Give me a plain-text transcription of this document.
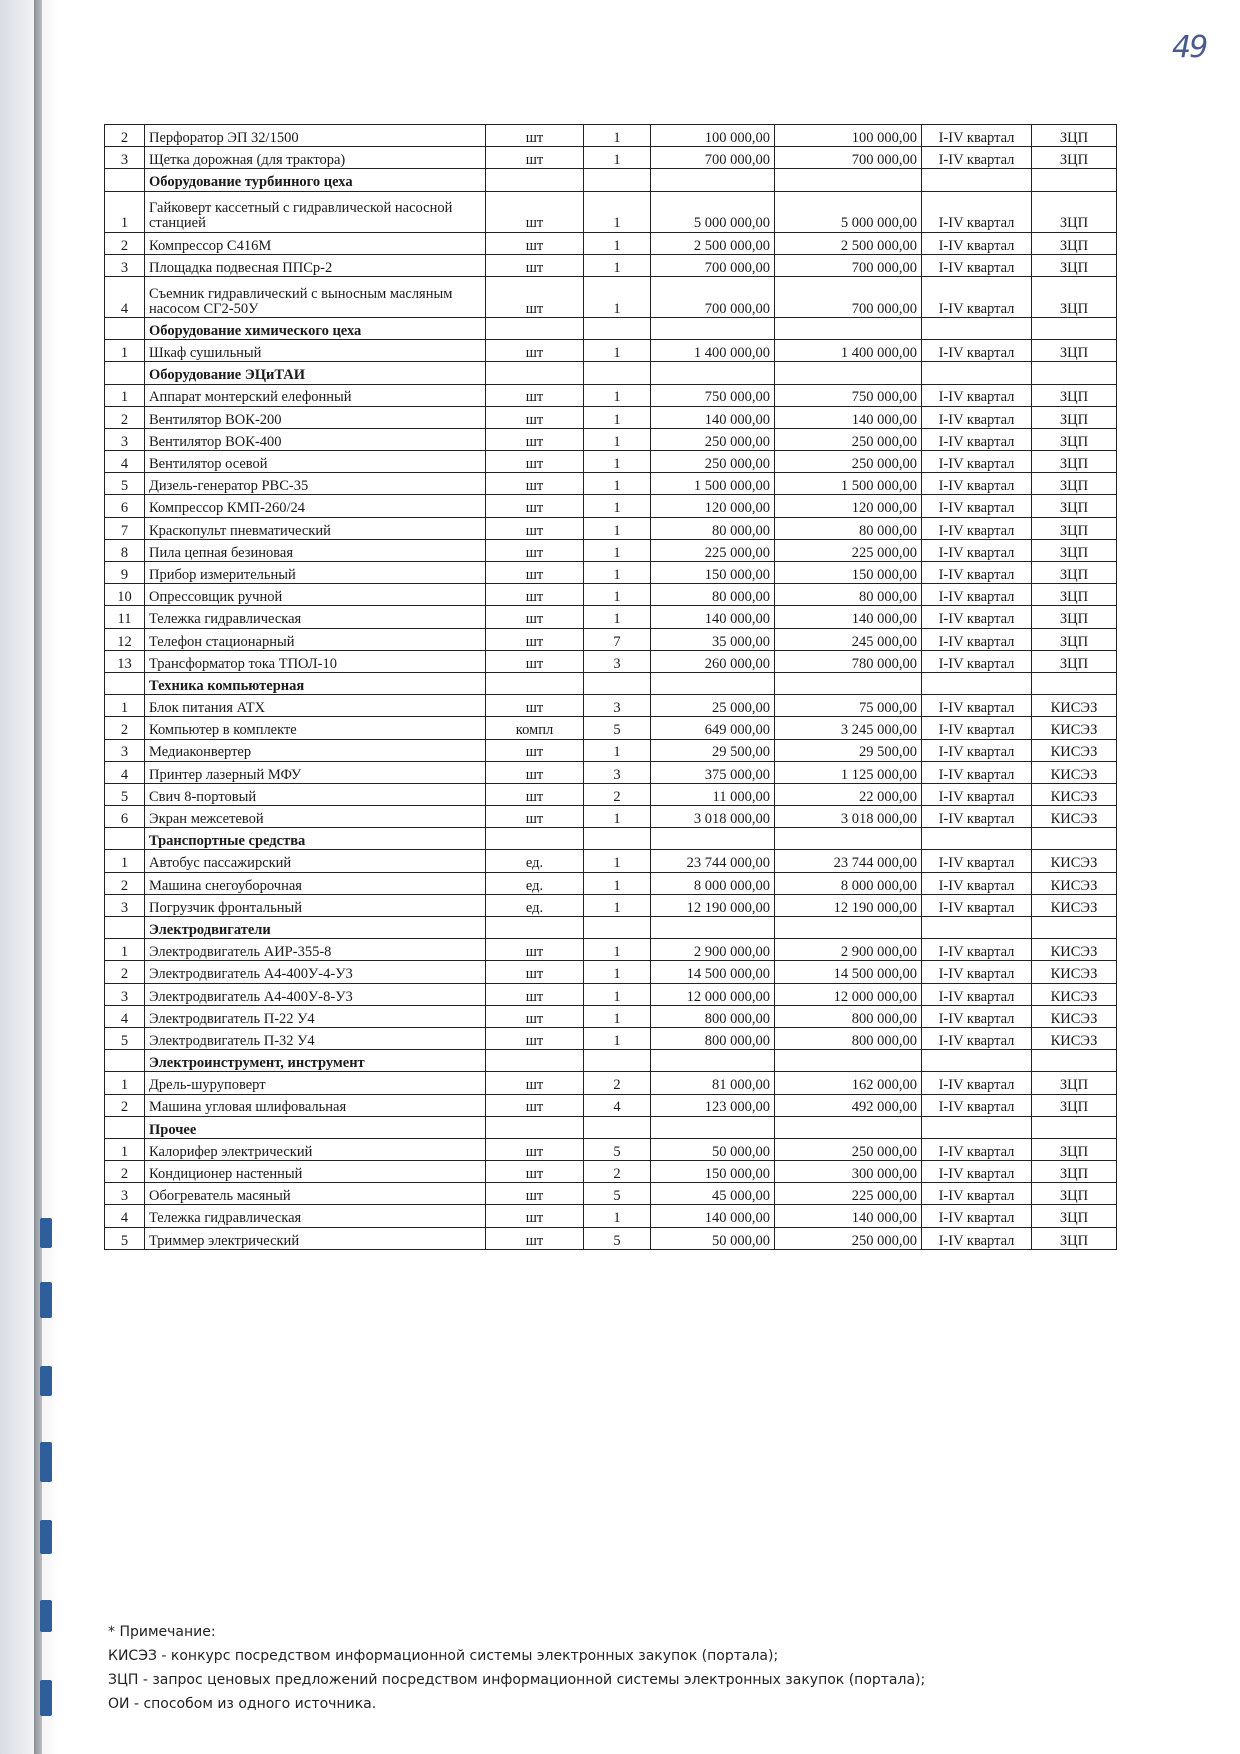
49
2	Перфоратор ЭП 32/1500	шт	1	100 000,00	100 000,00	I-IV квартал	ЗЦП
3	Щетка дорожная (для трактора)	шт	1	700 000,00	700 000,00	I-IV квартал	ЗЦП
	Оборудование турбинного цеха						
1	Гайковерт кассетный с гидравлической насосной станцией	шт	1	5 000 000,00	5 000 000,00	I-IV квартал	ЗЦП
2	Компрессор С416М	шт	1	2 500 000,00	2 500 000,00	I-IV квартал	ЗЦП
3	Площадка подвесная ППСр-2	шт	1	700 000,00	700 000,00	I-IV квартал	ЗЦП
4	Съемник гидравлический с выносным масляным насосом СГ2-50У	шт	1	700 000,00	700 000,00	I-IV квартал	ЗЦП
	Оборудование химического цеха						
1	Шкаф сушильный	шт	1	1 400 000,00	1 400 000,00	I-IV квартал	ЗЦП
	Оборудование ЭЦиТАИ						
1	Аппарат монтерский елефонный	шт	1	750 000,00	750 000,00	I-IV квартал	ЗЦП
2	Вентилятор ВОК-200	шт	1	140 000,00	140 000,00	I-IV квартал	ЗЦП
3	Вентилятор ВОК-400	шт	1	250 000,00	250 000,00	I-IV квартал	ЗЦП
4	Вентилятор осевой	шт	1	250 000,00	250 000,00	I-IV квартал	ЗЦП
5	Дизель-генератор PBC-35	шт	1	1 500 000,00	1 500 000,00	I-IV квартал	ЗЦП
6	Компрессор КМП-260/24	шт	1	120 000,00	120 000,00	I-IV квартал	ЗЦП
7	Краскопульт пневматический	шт	1	80 000,00	80 000,00	I-IV квартал	ЗЦП
8	Пила цепная безиновая	шт	1	225 000,00	225 000,00	I-IV квартал	ЗЦП
9	Прибор измерительный	шт	1	150 000,00	150 000,00	I-IV квартал	ЗЦП
10	Опрессовщик ручной	шт	1	80 000,00	80 000,00	I-IV квартал	ЗЦП
11	Тележка гидравлическая	шт	1	140 000,00	140 000,00	I-IV квартал	ЗЦП
12	Телефон стационарный	шт	7	35 000,00	245 000,00	I-IV квартал	ЗЦП
13	Трансформатор тока ТПОЛ-10	шт	3	260 000,00	780 000,00	I-IV квартал	ЗЦП
	Техника компьютерная						
1	Блок питания АТХ	шт	3	25 000,00	75 000,00	I-IV квартал	КИСЭЗ
2	Компьютер в комплекте	компл	5	649 000,00	3 245 000,00	I-IV квартал	КИСЭЗ
3	Медиаконвертер	шт	1	29 500,00	29 500,00	I-IV квартал	КИСЭЗ
4	Принтер лазерный МФУ	шт	3	375 000,00	1 125 000,00	I-IV квартал	КИСЭЗ
5	Свич 8-портовый	шт	2	11 000,00	22 000,00	I-IV квартал	КИСЭЗ
6	Экран межсетевой	шт	1	3 018 000,00	3 018 000,00	I-IV квартал	КИСЭЗ
	Транспортные средства						
1	Автобус пассажирский	ед.	1	23 744 000,00	23 744 000,00	I-IV квартал	КИСЭЗ
2	Машина снегоуборочная	ед.	1	8 000 000,00	8 000 000,00	I-IV квартал	КИСЭЗ
3	Погрузчик фронтальный	ед.	1	12 190 000,00	12 190 000,00	I-IV квартал	КИСЭЗ
	Электродвигатели						
1	Электродвигатель АИР-355-8	шт	1	2 900 000,00	2 900 000,00	I-IV квартал	КИСЭЗ
2	Электродвигатель А4-400У-4-У3	шт	1	14 500 000,00	14 500 000,00	I-IV квартал	КИСЭЗ
3	Электродвигатель А4-400У-8-У3	шт	1	12 000 000,00	12 000 000,00	I-IV квартал	КИСЭЗ
4	Электродвигатель П-22 У4	шт	1	800 000,00	800 000,00	I-IV квартал	КИСЭЗ
5	Электродвигатель П-32 У4	шт	1	800 000,00	800 000,00	I-IV квартал	КИСЭЗ
	Электроинструмент, инструмент						
1	Дрель-шуруповерт	шт	2	81 000,00	162 000,00	I-IV квартал	ЗЦП
2	Машина угловая шлифовальная	шт	4	123 000,00	492 000,00	I-IV квартал	ЗЦП
	Прочее						
1	Калорифер электрический	шт	5	50 000,00	250 000,00	I-IV квартал	ЗЦП
2	Кондиционер настенный	шт	2	150 000,00	300 000,00	I-IV квартал	ЗЦП
3	Обогреватель масяный	шт	5	45 000,00	225 000,00	I-IV квартал	ЗЦП
4	Тележка гидравлическая	шт	1	140 000,00	140 000,00	I-IV квартал	ЗЦП
5	Триммер электрический	шт	5	50 000,00	250 000,00	I-IV квартал	ЗЦП
* Примечание:
КИСЭЗ - конкурс посредством информационной системы электронных закупок (портала);
ЗЦП - запрос ценовых предложений посредством информационной системы электронных закупок (портала);
ОИ - способом из одного источника.
